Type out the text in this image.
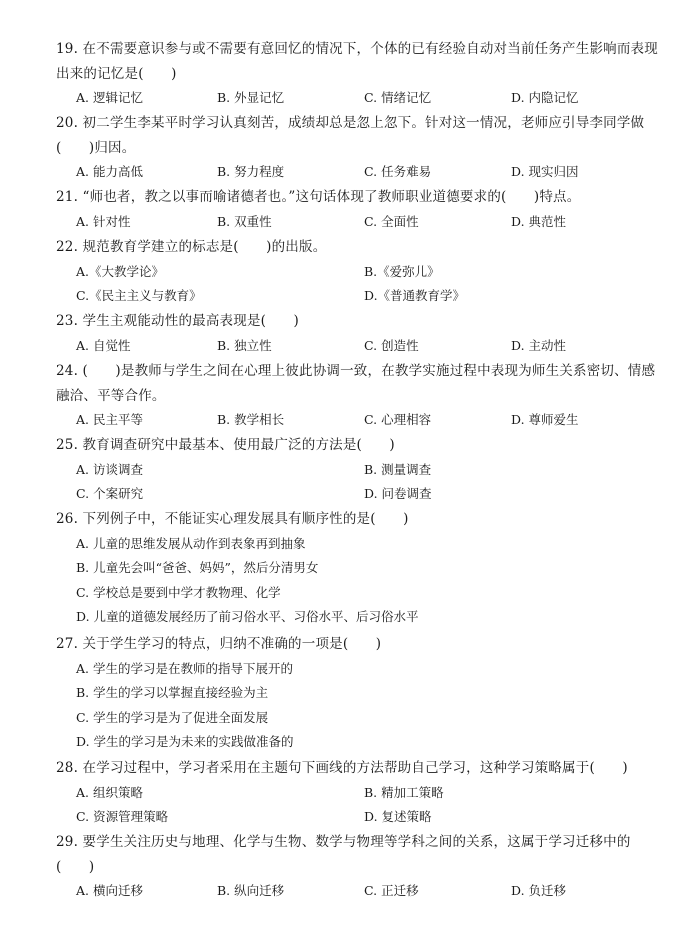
19. 在不需要意识参与或不需要有意回忆的情况下，个体的已有经验自动对当前任务产生影响而表现出来的记忆是(　　)
A. 逻辑记忆	B. 外显记忆	C. 情绪记忆	D. 内隐记忆
20. 初二学生李某平时学习认真刻苦，成绩却总是忽上忽下。针对这一情况，老师应引导李同学做(　　)归因。
A. 能力高低	B. 努力程度	C. 任务难易	D. 现实归因
21. “师也者，教之以事而喻诸德者也。”这句话体现了教师职业道德要求的(　　)特点。
A. 针对性	B. 双重性	C. 全面性	D. 典范性
22. 规范教育学建立的标志是(　　)的出版。
A.《大教学论》	B.《爱弥儿》
C.《民主主义与教育》	D.《普通教育学》
23. 学生主观能动性的最高表现是(　　)
A. 自觉性	B. 独立性	C. 创造性	D. 主动性
24. (　　)是教师与学生之间在心理上彼此协调一致，在教学实施过程中表现为师生关系密切、情感融洽、平等合作。
A. 民主平等	B. 教学相长	C. 心理相容	D. 尊师爱生
25. 教育调查研究中最基本、使用最广泛的方法是(　　)
A. 访谈调查	B. 测量调查
C. 个案研究	D. 问卷调查
26. 下列例子中，不能证实心理发展具有顺序性的是(　　)
A. 儿童的思维发展从动作到表象再到抽象
B. 儿童先会叫“爸爸、妈妈”，然后分清男女
C. 学校总是要到中学才教物理、化学
D. 儿童的道德发展经历了前习俗水平、习俗水平、后习俗水平
27. 关于学生学习的特点，归纳不准确的一项是(　　)
A. 学生的学习是在教师的指导下展开的
B. 学生的学习以掌握直接经验为主
C. 学生的学习是为了促进全面发展
D. 学生的学习是为未来的实践做准备的
28. 在学习过程中，学习者采用在主题句下画线的方法帮助自己学习，这种学习策略属于(　　)
A. 组织策略	B. 精加工策略
C. 资源管理策略	D. 复述策略
29. 要学生关注历史与地理、化学与生物、数学与物理等学科之间的关系，这属于学习迁移中的(　　)
A. 横向迁移	B. 纵向迁移	C. 正迁移	D. 负迁移
